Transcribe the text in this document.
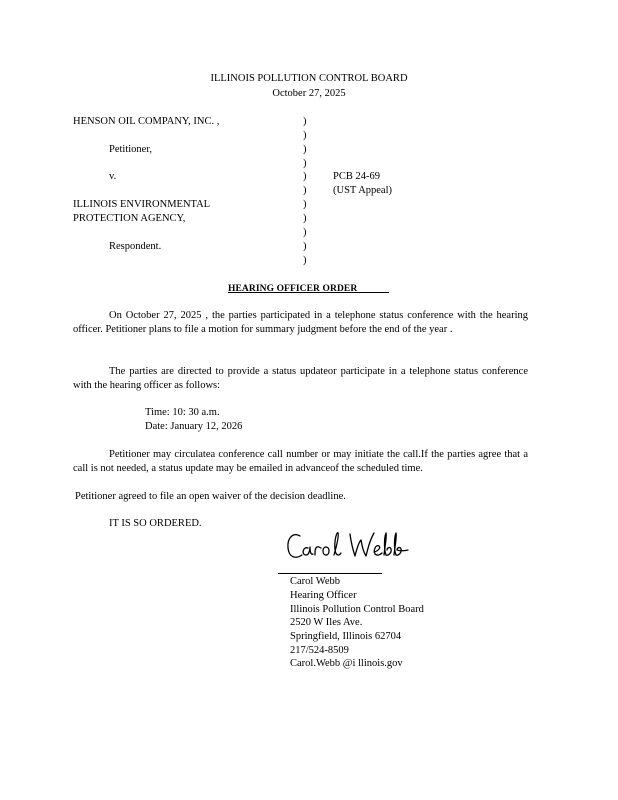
ILLINOIS POLLUTION CONTROL BOARD
October 27, 2025
HENSON OIL COMPANY, INC. ,
Petitioner,
v.
ILLINOIS ENVIRONMENTAL
PROTECTION AGENCY,
Respondent.
)
)
)
)
)
)
)
)
)
)
)
PCB 24-69
(UST Appeal)
HEARING OFFICER ORDER
On October 27, 2025 , the parties participated in a telephone status conference with the hearing officer. Petitioner plans to file a motion for summary judgment before the end of the year .
The parties are directed to provide a status updateor participate in a telephone status conference with the hearing officer as follows:
Time: 10: 30 a.m.
Date: January 12, 2026
Petitioner may circulatea conference call number or may initiate the call.If the parties agree that a call is not needed, a status update may be emailed in advanceof the scheduled time.
Petitioner agreed to file an open waiver of the decision deadline.
IT IS SO ORDERED.
Carol Webb
Hearing Officer
Illinois Pollution Control Board
2520 W Iles Ave.
Springfield, Illinois 62704
217/524-8509
Carol.Webb @i llinois.gov
